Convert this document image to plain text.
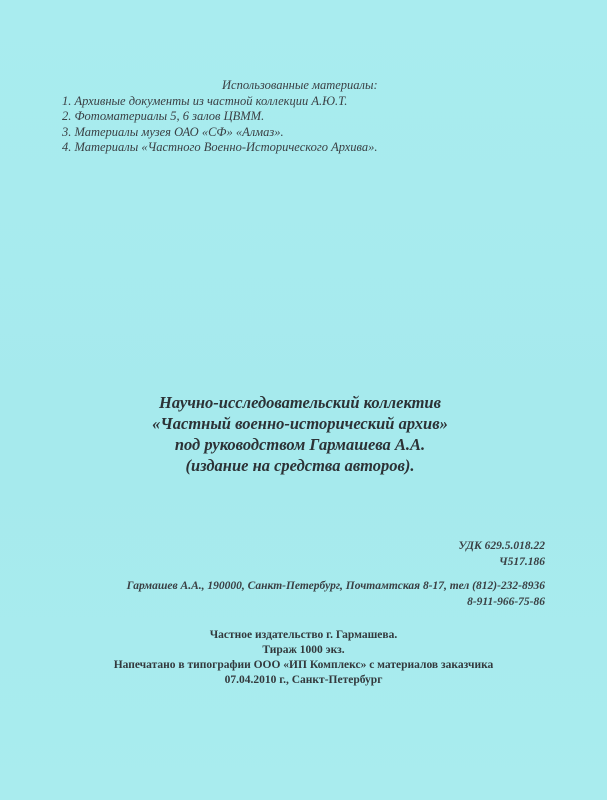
Использованные материалы:
1. Архивные документы из частной коллекции А.Ю.Т.
2. Фотоматериалы 5, 6 залов ЦВММ.
3. Материалы музея ОАО «СФ» «Алмаз».
4. Материалы «Частного Военно-Исторического Архива».
Научно-исследовательский коллектив
«Частный военно-исторический архив»
под руководством Гармашева А.А.
(издание на средства авторов).
УДК 629.5.018.22
Ч517.186
Гармашев А.А., 190000, Санкт-Петербург, Почтамтская 8-17, тел (812)-232-8936
8-911-966-75-86
Частное издательство г. Гармашева.
Тираж 1000 экз.
Напечатано в типографии ООО «ИП Комплекс» с материалов заказчика
07.04.2010 г., Санкт-Петербург
